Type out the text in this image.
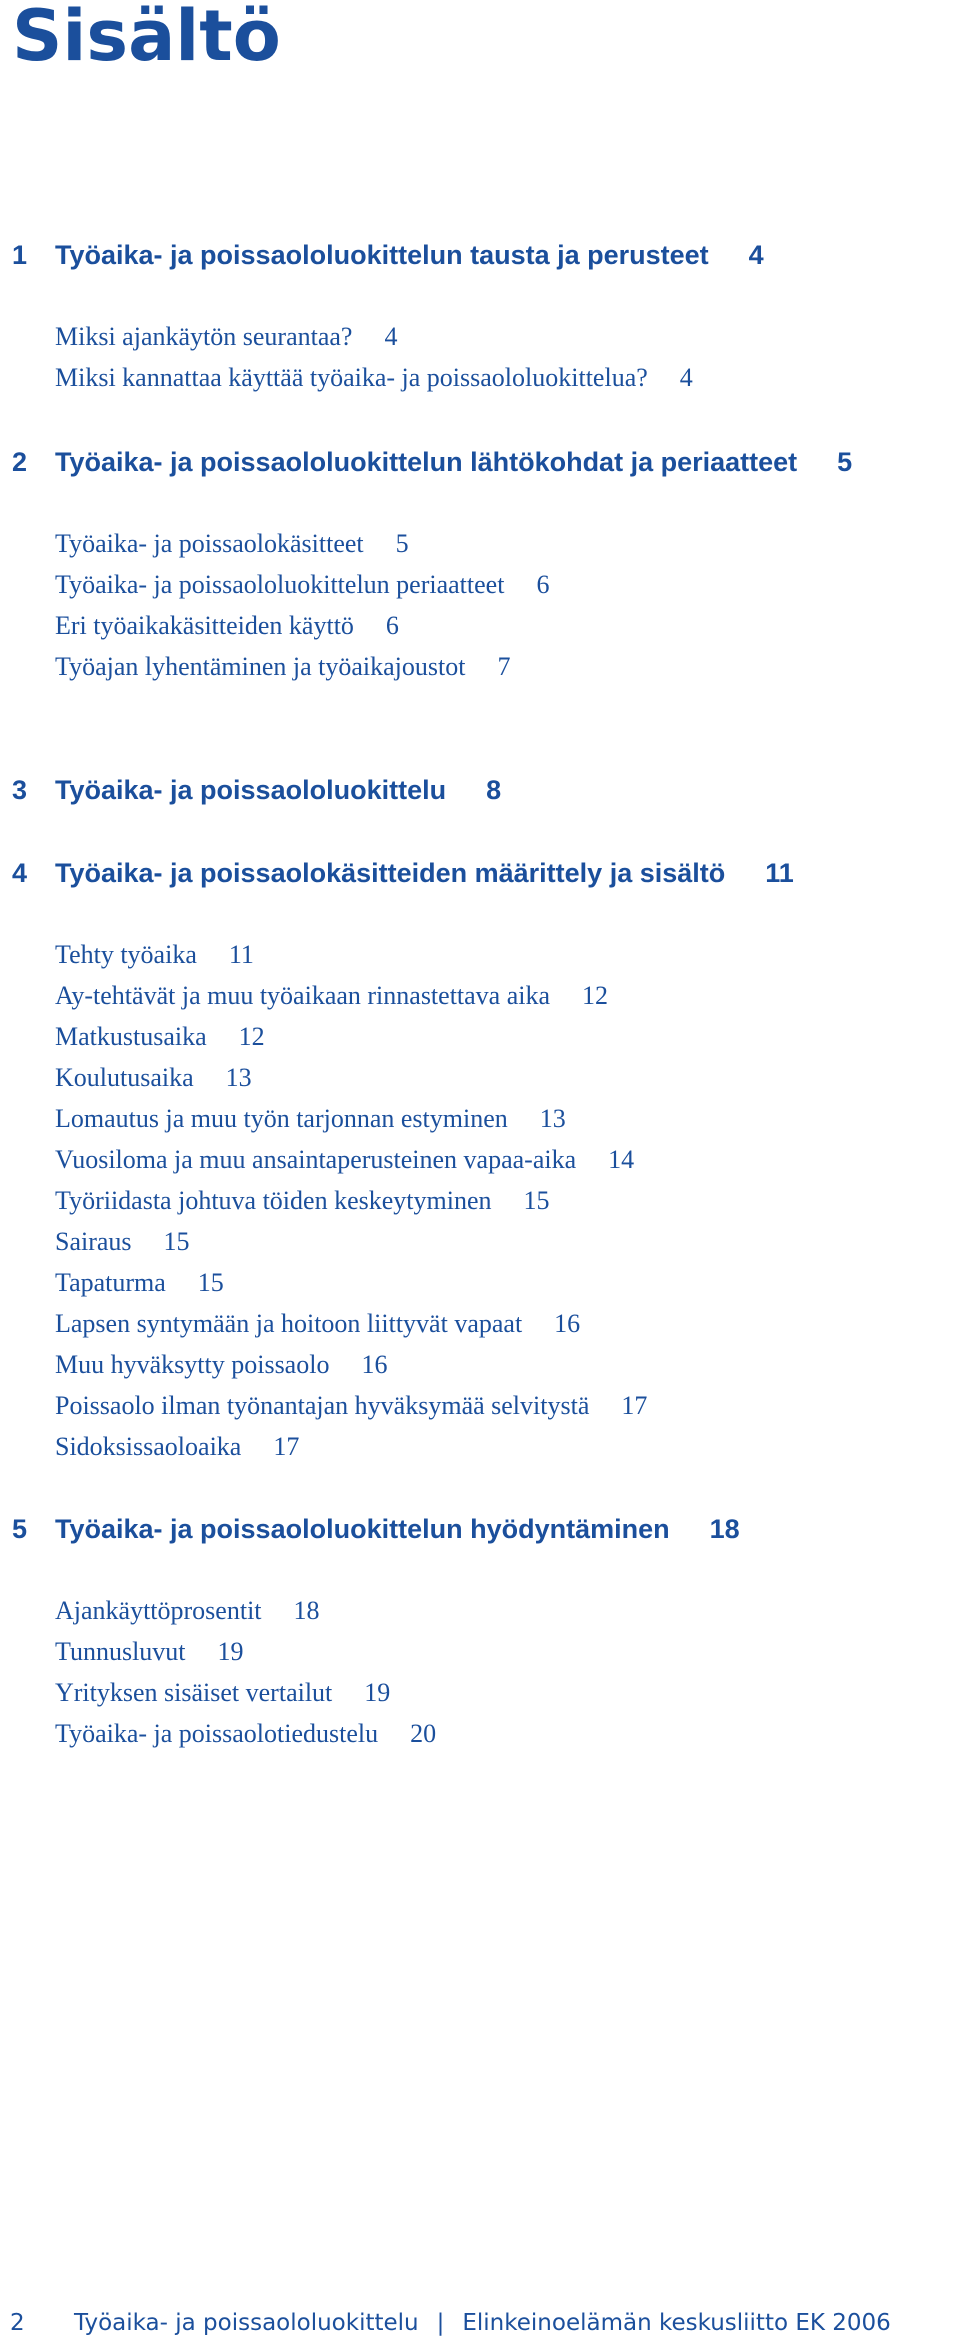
Sisältö
1 Työaika- ja poissaololuokittelun tausta ja perusteet 4
Miksi ajankäytön seurantaa? 4
Miksi kannattaa käyttää työaika- ja poissaololuokittelua? 4
2 Työaika- ja poissaololuokittelun lähtökohdat ja periaatteet 5
Työaika- ja poissaolokäsitteet 5
Työaika- ja poissaololuokittelun periaatteet 6
Eri työaikakäsitteiden käyttö 6
Työajan lyhentäminen ja työaikajoustot 7
3 Työaika- ja poissaololuokittelu 8
4 Työaika- ja poissaolokäsitteiden määrittely ja sisältö 11
Tehty työaika 11
Ay-tehtävät ja muu työaikaan rinnastettava aika 12
Matkustusaika 12
Koulutusaika 13
Lomautus ja muu työn tarjonnan estyminen 13
Vuosiloma ja muu ansaintaperusteinen vapaa-aika 14
Työriidasta johtuva töiden keskeytyminen 15
Sairaus 15
Tapaturma 15
Lapsen syntymään ja hoitoon liittyvät vapaat 16
Muu hyväksytty poissaolo 16
Poissaolo ilman työnantajan hyväksymää selvitystä 17
Sidoksissaoloaika 17
5 Työaika- ja poissaololuokittelun hyödyntäminen 18
Ajankäyttöprosentit 18
Tunnusluvut 19
Yrityksen sisäiset vertailut 19
Työaika- ja poissaolotiedustelu 20
2 Työaika- ja poissaololuokittelu | Elinkeinoelämän keskusliitto EK 2006
